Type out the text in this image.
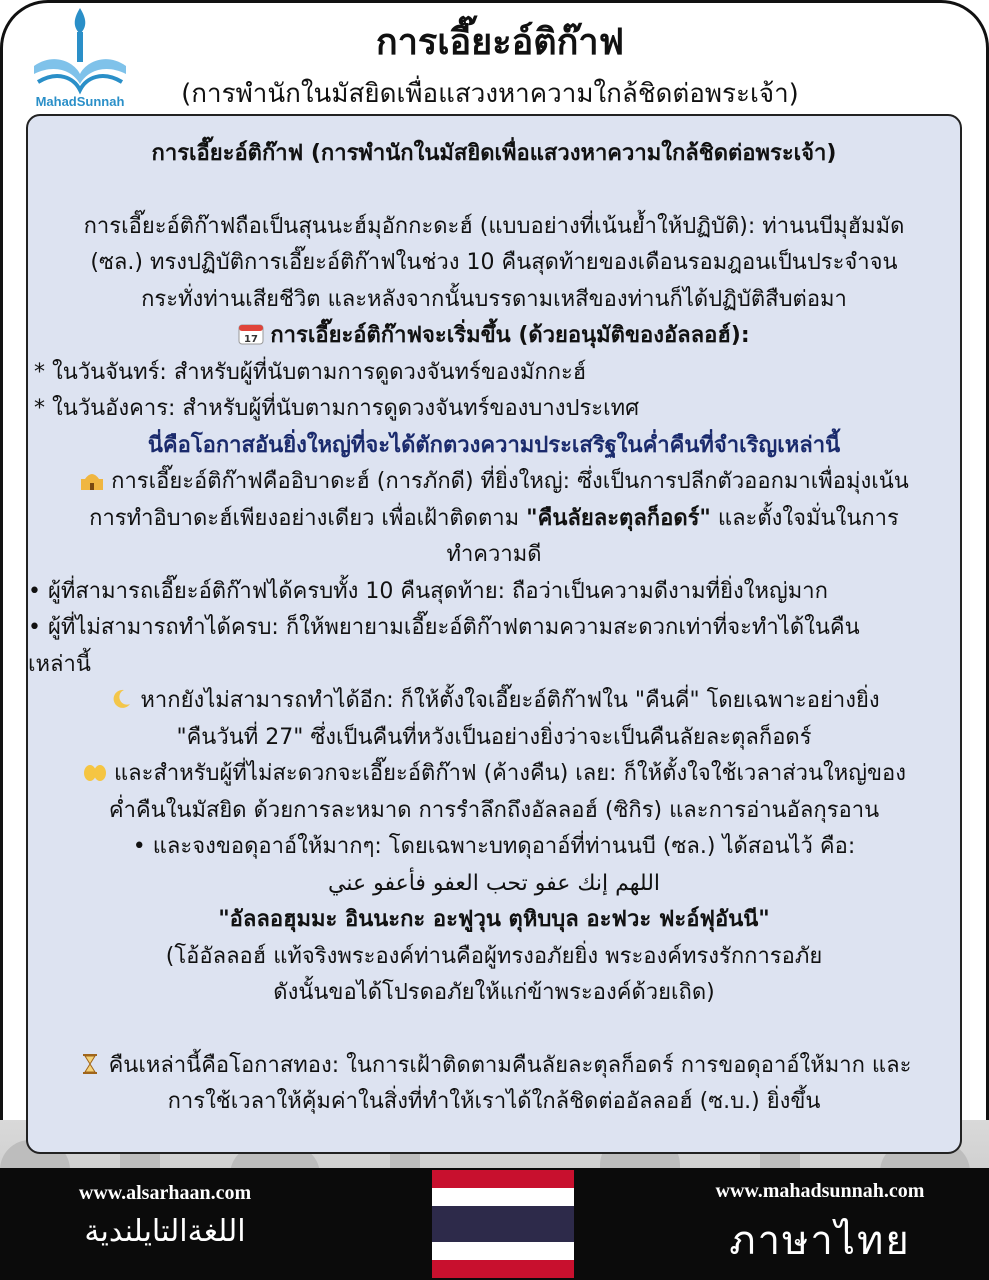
MahadSunnah
การเอี๊ยะอ์ติก๊าฟ
(การพำนักในมัสยิดเพื่อแสวงหาความใกล้ชิดต่อพระเจ้า)
การเอี๊ยะอ์ติก๊าฟ (การพำนักในมัสยิดเพื่อแสวงหาความใกล้ชิดต่อพระเจ้า)
การเอี๊ยะอ์ติก๊าฟถือเป็นสุนนะฮ์มุอักกะดะฮ์ (แบบอย่างที่เน้นย้ำให้ปฏิบัติ): ท่านนบีมุฮัมมัด
(ซล.) ทรงปฏิบัติการเอี๊ยะอ์ติก๊าฟในช่วง 10 คืนสุดท้ายของเดือนรอมฎอนเป็นประจำจน
กระทั่งท่านเสียชีวิต และหลังจากนั้นบรรดามเหสีของท่านก็ได้ปฏิบัติสืบต่อมา
17 การเอี๊ยะอ์ติก๊าฟจะเริ่มขึ้น (ด้วยอนุมัติของอัลลอฮ์):
* ในวันจันทร์: สำหรับผู้ที่นับตามการดูดวงจันทร์ของมักกะฮ์
* ในวันอังคาร: สำหรับผู้ที่นับตามการดูดวงจันทร์ของบางประเทศ
นี่คือโอกาสอันยิ่งใหญ่ที่จะได้ตักตวงความประเสริฐในค่ำคืนที่จำเริญเหล่านี้
การเอี๊ยะอ์ติก๊าฟคืออิบาดะฮ์ (การภักดี) ที่ยิ่งใหญ่: ซึ่งเป็นการปลีกตัวออกมาเพื่อมุ่งเน้น
การทำอิบาดะฮ์เพียงอย่างเดียว เพื่อเฝ้าติดตาม "คืนลัยละตุลก็อดร์" และตั้งใจมั่นในการ
ทำความดี
• ผู้ที่สามารถเอี๊ยะอ์ติก๊าฟได้ครบทั้ง 10 คืนสุดท้าย: ถือว่าเป็นความดีงามที่ยิ่งใหญ่มาก
• ผู้ที่ไม่สามารถทำได้ครบ: ก็ให้พยายามเอี๊ยะอ์ติก๊าฟตามความสะดวกเท่าที่จะทำได้ในคืน
เหล่านี้
หากยังไม่สามารถทำได้อีก: ก็ให้ตั้งใจเอี๊ยะอ์ติก๊าฟใน "คืนคี่" โดยเฉพาะอย่างยิ่ง
"คืนวันที่ 27" ซึ่งเป็นคืนที่หวังเป็นอย่างยิ่งว่าจะเป็นคืนลัยละตุลก็อดร์
และสำหรับผู้ที่ไม่สะดวกจะเอี๊ยะอ์ติก๊าฟ (ค้างคืน) เลย: ก็ให้ตั้งใจใช้เวลาส่วนใหญ่ของ
ค่ำคืนในมัสยิด ด้วยการละหมาด การรำลึกถึงอัลลอฮ์ (ซิกิร) และการอ่านอัลกุรอาน
• และจงขอดุอาอ์ให้มากๆ: โดยเฉพาะบทดุอาอ์ที่ท่านนบี (ซล.) ได้สอนไว้ คือ:
اللهم إنك عفو تحب العفو فأعفو عني
"อัลลอฮุมมะ อินนะกะ อะฟูวุน ตุหิบบุล อะฟวะ ฟะอ์ฟุอันนี"
(โอ้อัลลอฮ์ แท้จริงพระองค์ท่านคือผู้ทรงอภัยยิ่ง พระองค์ทรงรักการอภัย
ดังนั้นขอได้โปรดอภัยให้แก่ข้าพระองค์ด้วยเถิด)
คืนเหล่านี้คือโอกาสทอง: ในการเฝ้าติดตามคืนลัยละตุลก็อดร์ การขอดุอาอ์ให้มาก และ
การใช้เวลาให้คุ้มค่าในสิ่งที่ทำให้เราได้ใกล้ชิดต่ออัลลอฮ์ (ซ.บ.) ยิ่งขึ้น
www.alsarhaan.com
اللغةالتايلندية
www.mahadsunnah.com
ภาษาไทย
